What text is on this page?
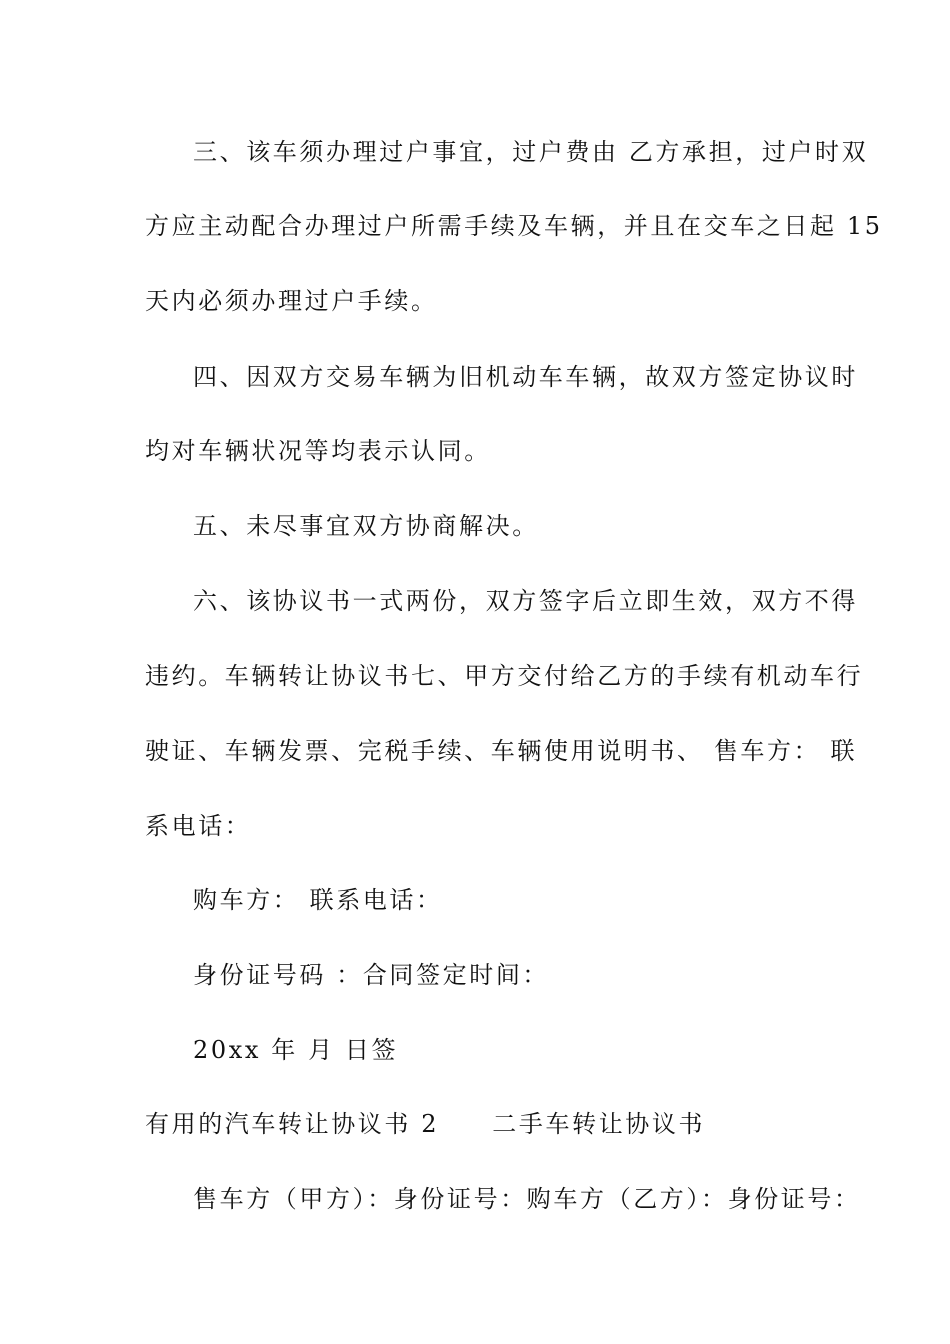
三、该车须办理过户事宜，过户费由 乙方承担，过户时双
方应主动配合办理过户所需手续及车辆，并且在交车之日起 15
天内必须办理过户手续。
四、因双方交易车辆为旧机动车车辆，故双方签定协议时
均对车辆状况等均表示认同。
五、未尽事宜双方协商解决。
六、该协议书一式两份，双方签字后立即生效，双方不得
违约。车辆转让协议书七、甲方交付给乙方的手续有机动车行
驶证、车辆发票、完税手续、车辆使用说明书、 售车方： 联
系电话：
购车方： 联系电话：
身份证号码 ：合同签定时间：
20xx 年 月 日签
有用的汽车转让协议书 2　　二手车转让协议书
售车方（甲方）：身份证号：购车方（乙方）：身份证号：
